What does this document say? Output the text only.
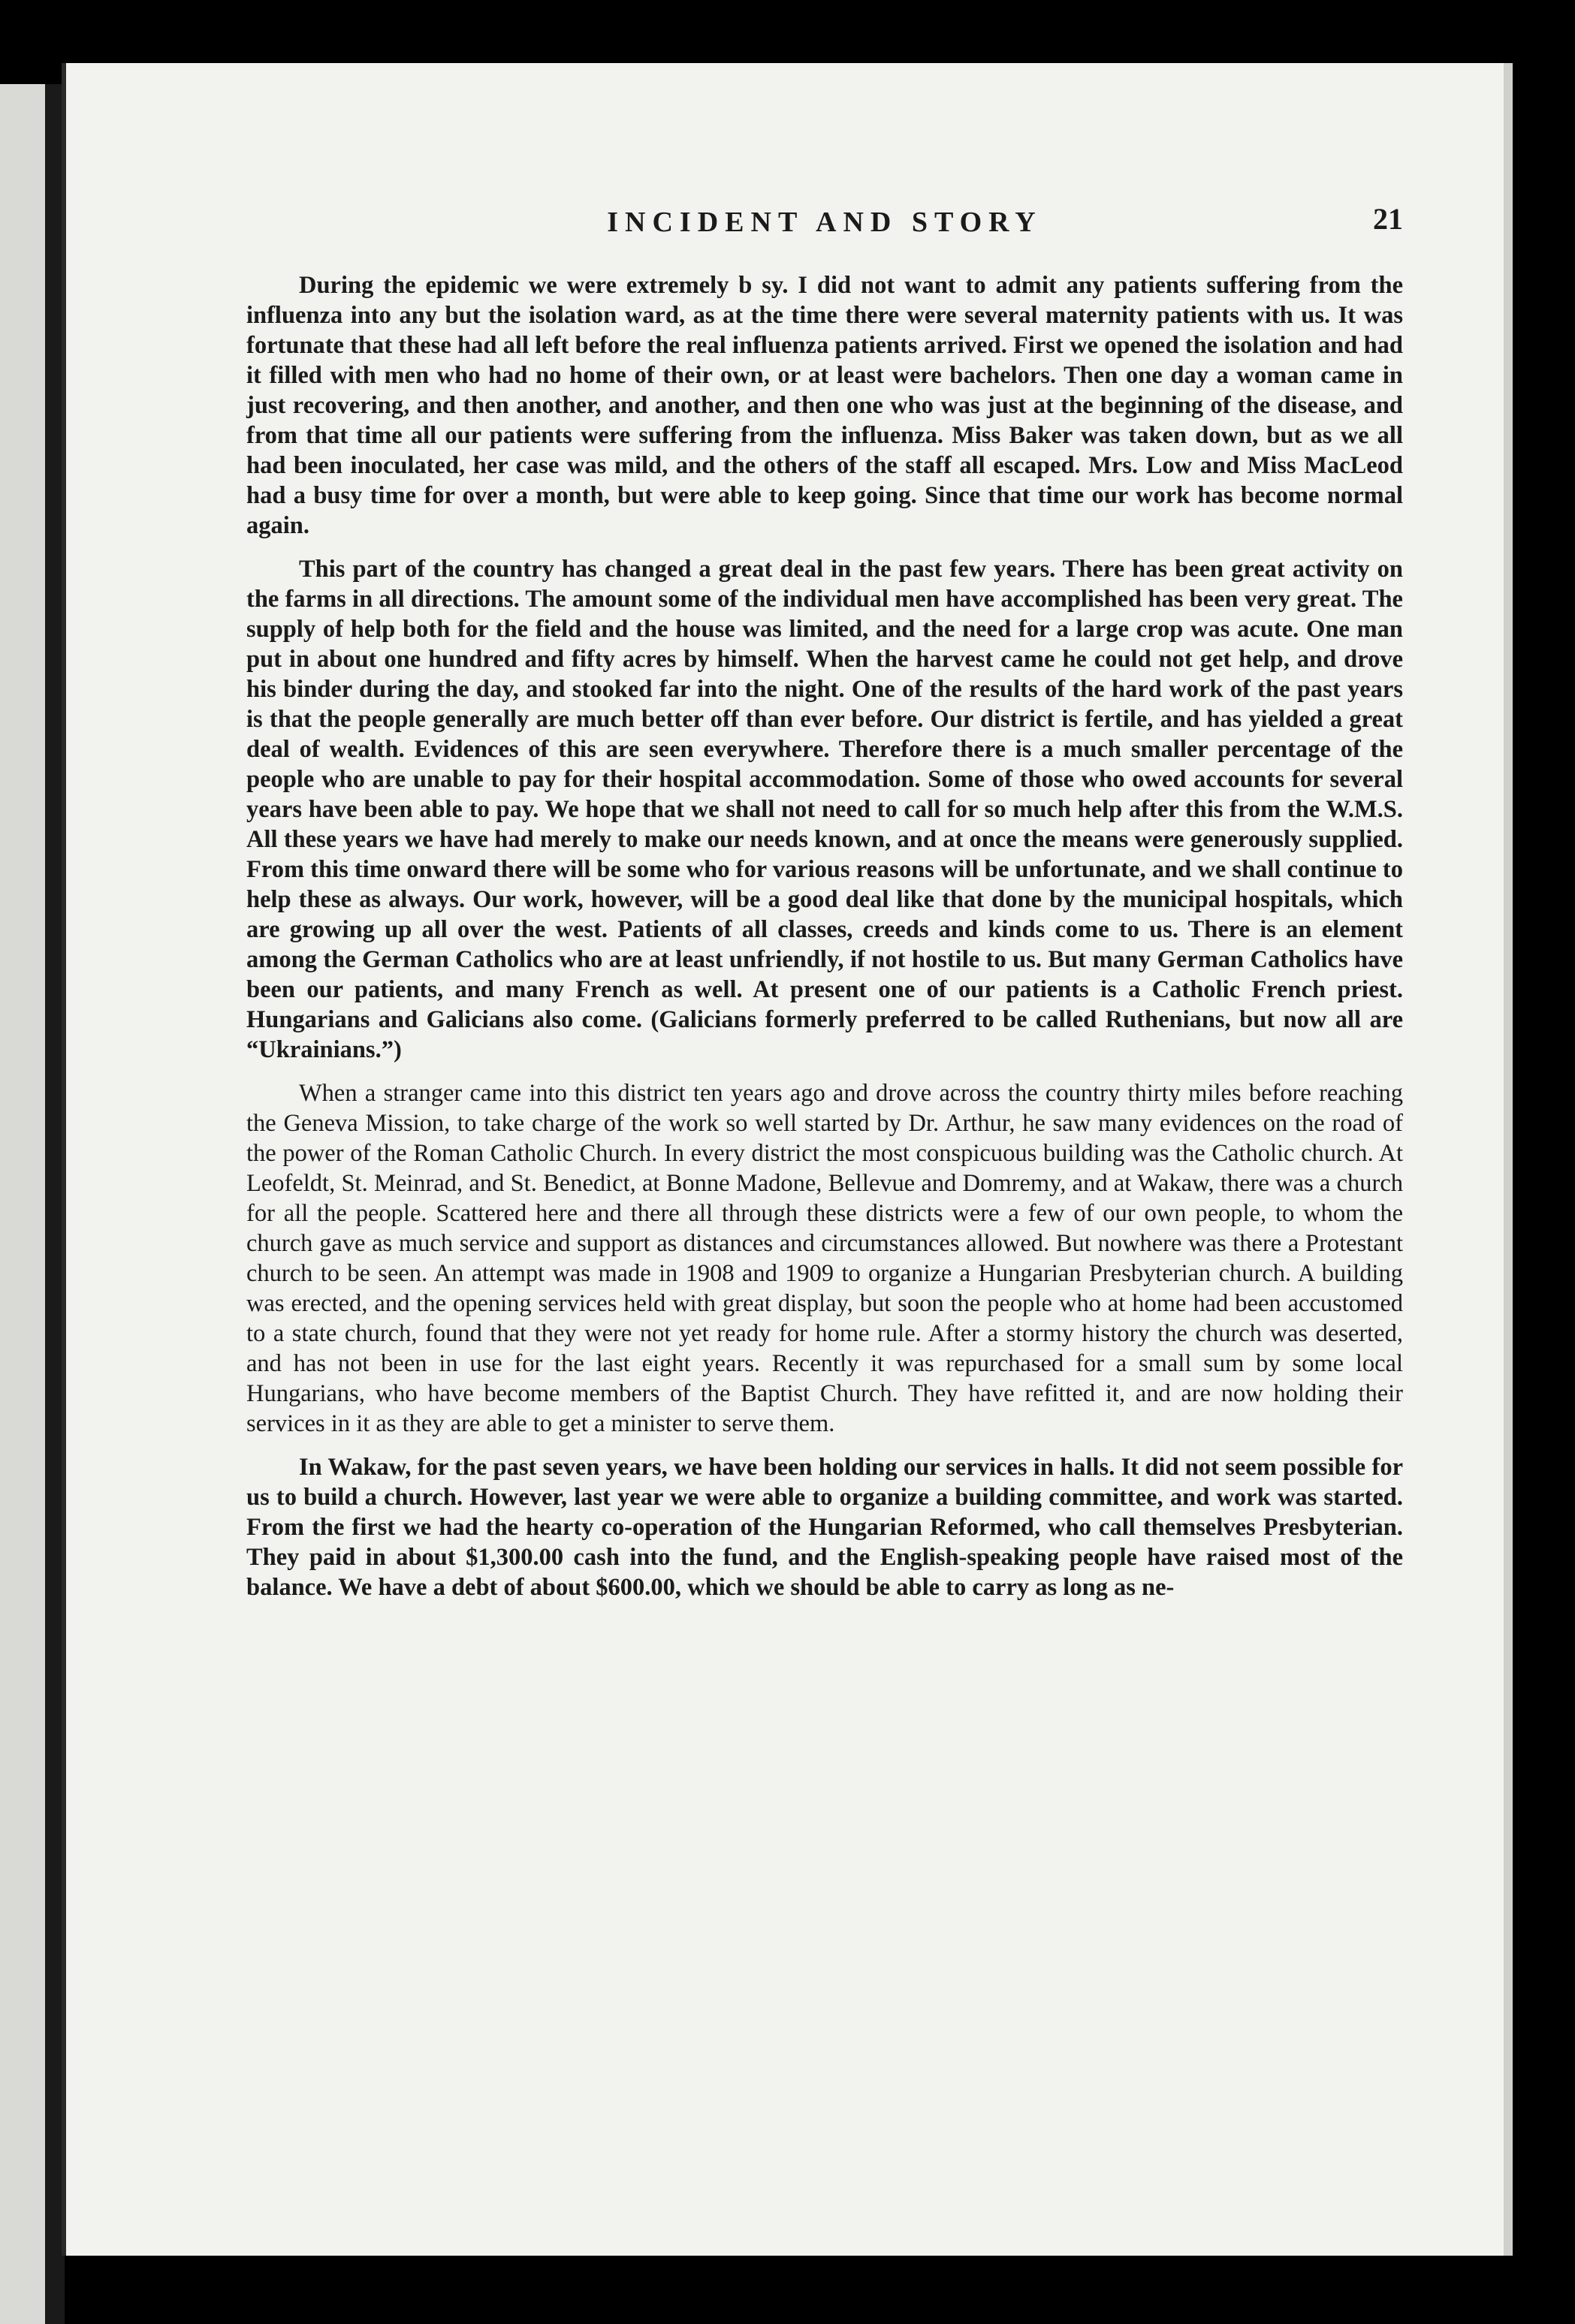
INCIDENT AND STORY	21

During the epidemic we were extremely b sy. I did not want to admit any patients suffering from the influenza into any but the isolation ward, as at the time there were several maternity patients with us. It was fortunate that these had all left before the real influenza patients arrived. First we opened the isolation and had it filled with men who had no home of their own, or at least were bachelors. Then one day a woman came in just recovering, and then another, and another, and then one who was just at the beginning of the disease, and from that time all our patients were suffering from the influenza. Miss Baker was taken down, but as we all had been inoculated, her case was mild, and the others of the staff all escaped. Mrs. Low and Miss MacLeod had a busy time for over a month, but were able to keep going. Since that time our work has become normal again.

This part of the country has changed a great deal in the past few years. There has been great activity on the farms in all directions. The amount some of the individual men have accomplished has been very great. The supply of help both for the field and the house was limited, and the need for a large crop was acute. One man put in about one hundred and fifty acres by himself. When the harvest came he could not get help, and drove his binder during the day, and stooked far into the night. One of the results of the hard work of the past years is that the people generally are much better off than ever before. Our district is fertile, and has yielded a great deal of wealth. Evidences of this are seen everywhere. Therefore there is a much smaller percentage of the people who are unable to pay for their hospital accommodation. Some of those who owed accounts for several years have been able to pay. We hope that we shall not need to call for so much help after this from the W.M.S. All these years we have had merely to make our needs known, and at once the means were generously supplied. From this time onward there will be some who for various reasons will be unfortunate, and we shall continue to help these as always. Our work, however, will be a good deal like that done by the municipal hospitals, which are growing up all over the west. Patients of all classes, creeds and kinds come to us. There is an element among the German Catholics who are at least unfriendly, if not hostile to us. But many German Catholics have been our patients, and many French as well. At present one of our patients is a Catholic French priest. Hungarians and Galicians also come. (Galicians formerly preferred to be called Ruthenians, but now all are “Ukrainians.”)

When a stranger came into this district ten years ago and drove across the country thirty miles before reaching the Geneva Mission, to take charge of the work so well started by Dr. Arthur, he saw many evidences on the road of the power of the Roman Catholic Church. In every district the most conspicuous building was the Catholic church. At Leofeldt, St. Meinrad, and St. Benedict, at Bonne Madone, Bellevue and Domremy, and at Wakaw, there was a church for all the people. Scattered here and there all through these districts were a few of our own people, to whom the church gave as much service and support as distances and circumstances allowed. But nowhere was there a Protestant church to be seen. An attempt was made in 1908 and 1909 to organize a Hungarian Presbyterian church. A building was erected, and the opening services held with great display, but soon the people who at home had been accustomed to a state church, found that they were not yet ready for home rule. After a stormy history the church was deserted, and has not been in use for the last eight years. Recently it was repurchased for a small sum by some local Hungarians, who have become members of the Baptist Church. They have refitted it, and are now holding their services in it as they are able to get a minister to serve them.

In Wakaw, for the past seven years, we have been holding our services in halls. It did not seem possible for us to build a church. However, last year we were able to organize a building committee, and work was started. From the first we had the hearty co-operation of the Hungarian Reformed, who call themselves Presbyterian. They paid in about $1,300.00 cash into the fund, and the English-speaking people have raised most of the balance. We have a debt of about $600.00, which we should be able to carry as long as ne-
